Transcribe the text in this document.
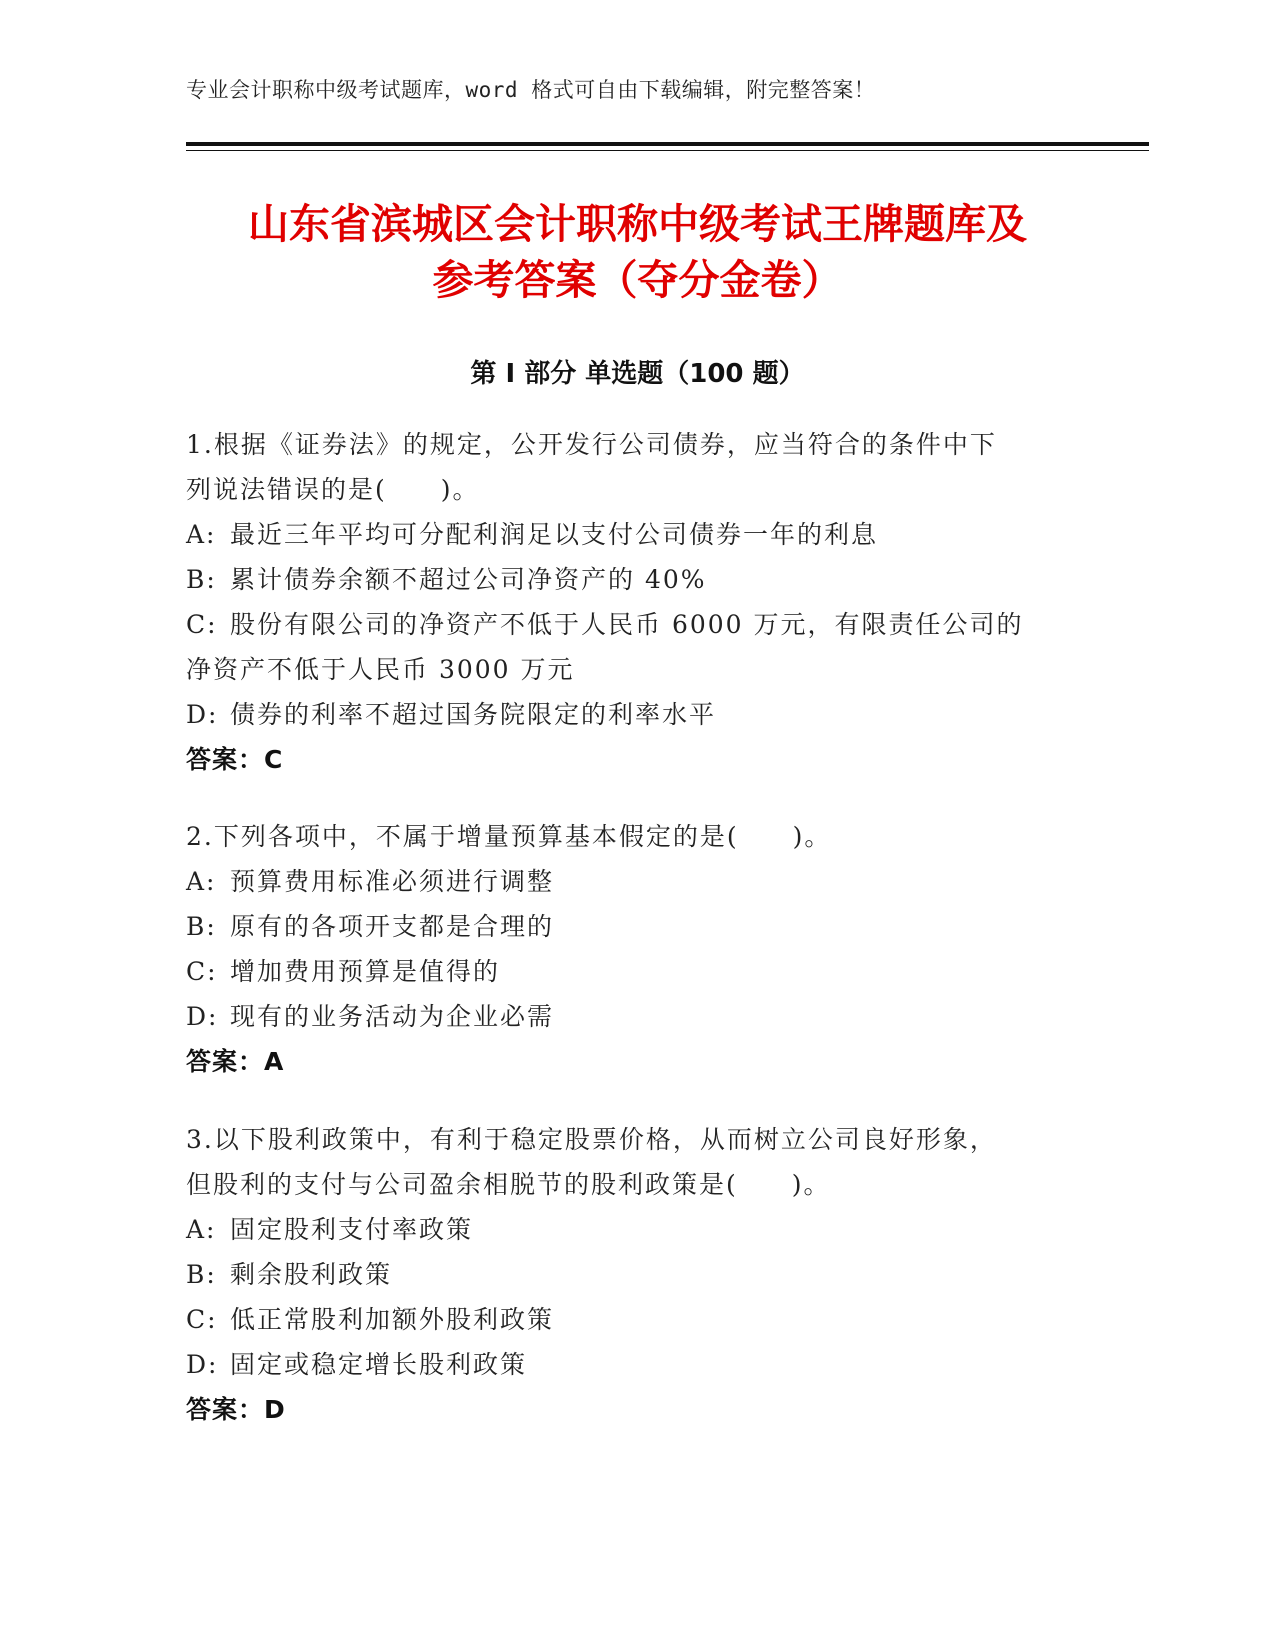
专业会计职称中级考试题库，word 格式可自由下载编辑，附完整答案！
山东省滨城区会计职称中级考试王牌题库及
参考答案（夺分金卷）
第 I 部分 单选题（100 题）
1.根据《证券法》的规定，公开发行公司债券，应当符合的条件中下
列说法错误的是(　　)。
A: 最近三年平均可分配利润足以支付公司债券一年的利息
B: 累计债券余额不超过公司净资产的 40%
C: 股份有限公司的净资产不低于人民币 6000 万元，有限责任公司的
净资产不低于人民币 3000 万元
D: 债券的利率不超过国务院限定的利率水平
答案：C
2.下列各项中，不属于增量预算基本假定的是(　　)。
A: 预算费用标准必须进行调整
B: 原有的各项开支都是合理的
C: 增加费用预算是值得的
D: 现有的业务活动为企业必需
答案：A
3.以下股利政策中，有利于稳定股票价格，从而树立公司良好形象，
但股利的支付与公司盈余相脱节的股利政策是(　　)。
A: 固定股利支付率政策
B: 剩余股利政策
C: 低正常股利加额外股利政策
D: 固定或稳定增长股利政策
答案：D
